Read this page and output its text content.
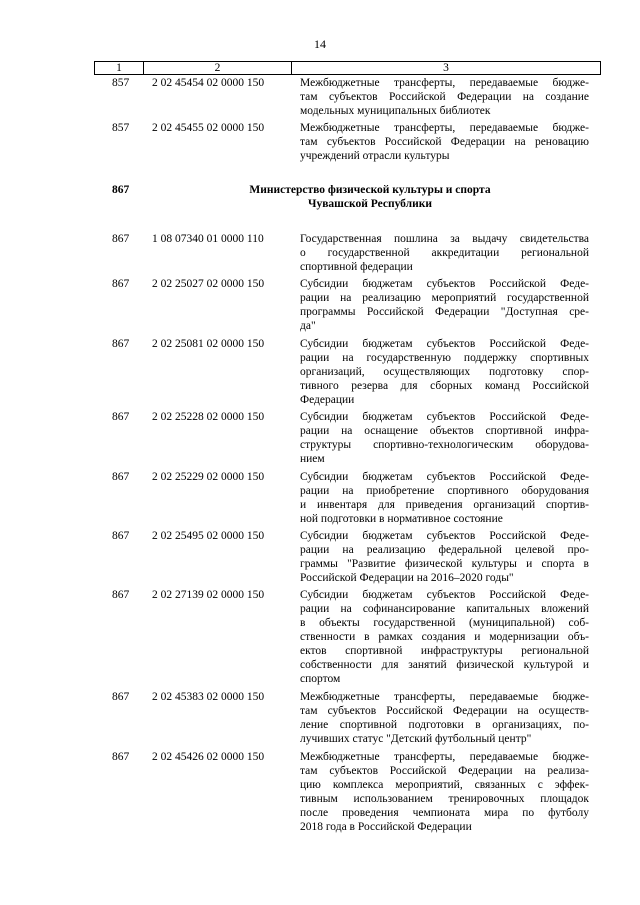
14
1	2	3
857	2 02 45454 02 0000 150	Межбюджетные трансферты, передаваемые бюдже-
там субъектов Российской Федерации на создание
модельных муниципальных библиотек
857	2 02 45455 02 0000 150	Межбюджетные трансферты, передаваемые бюдже-
там субъектов Российской Федерации на реновацию
учреждений отрасли культуры
867	Министерство физической культуры и спорта
Чувашской Республики
867	1 08 07340 01 0000 110	Государственная пошлина за выдачу свидетельства
о государственной аккредитации региональной
спортивной федерации
867	2 02 25027 02 0000 150	Субсидии бюджетам субъектов Российской Феде-
рации на реализацию мероприятий государственной
программы Российской Федерации "Доступная сре-
да"
867	2 02 25081 02 0000 150	Субсидии бюджетам субъектов Российской Феде-
рации на государственную поддержку спортивных
организаций, осуществляющих подготовку спор-
тивного резерва для сборных команд Российской
Федерации
867	2 02 25228 02 0000 150	Субсидии бюджетам субъектов Российской Феде-
рации на оснащение объектов спортивной инфра-
структуры спортивно-технологическим оборудова-
нием
867	2 02 25229 02 0000 150	Субсидии бюджетам субъектов Российской Феде-
рации на приобретение спортивного оборудования
и инвентаря для приведения организаций спортив-
ной подготовки в нормативное состояние
867	2 02 25495 02 0000 150	Субсидии бюджетам субъектов Российской Феде-
рации на реализацию федеральной целевой про-
граммы "Развитие физической культуры и спорта в
Российской Федерации на 2016–2020 годы"
867	2 02 27139 02 0000 150	Субсидии бюджетам субъектов Российской Феде-
рации на софинансирование капитальных вложений
в объекты государственной (муниципальной) соб-
ственности в рамках создания и модернизации объ-
ектов спортивной инфраструктуры региональной
собственности для занятий физической культурой и
спортом
867	2 02 45383 02 0000 150	Межбюджетные трансферты, передаваемые бюдже-
там субъектов Российской Федерации на осуществ-
ление спортивной подготовки в организациях, по-
лучивших статус "Детский футбольный центр"
867	2 02 45426 02 0000 150	Межбюджетные трансферты, передаваемые бюдже-
там субъектов Российской Федерации на реализа-
цию комплекса мероприятий, связанных с эффек-
тивным использованием тренировочных площадок
после проведения чемпионата мира по футболу
2018 года в Российской Федерации
